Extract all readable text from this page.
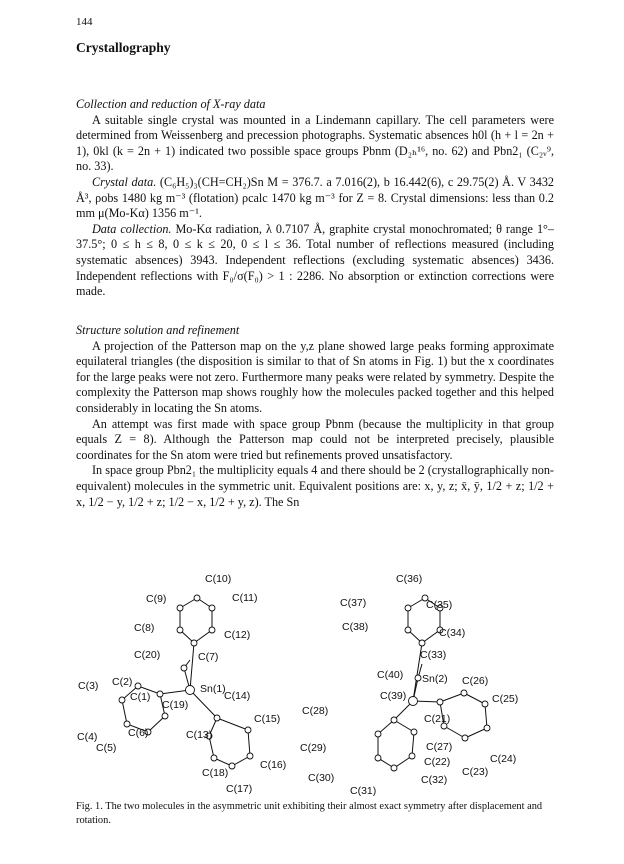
144
Crystallography
Collection and reduction of X-ray data

A suitable single crystal was mounted in a Lindemann capillary. The cell parameters were determined from Weissenberg and precession photographs. Systematic absences h0l (h + l = 2n + 1), 0kl (k = 2n + 1) indicated two possible space groups Pbnm (D₂ₕ¹⁶, no. 62) and Pbn2₁ (C₂ᵥ⁹, no. 33).

Crystal data. (C₆H₅)₃(CH=CH₂)Sn M = 376.7. a 7.016(2), b 16.442(6), c 29.75(2) Å. V 3432 Å³, ρobs 1480 kg m⁻³ (flotation) ρcalc 1470 kg m⁻³ for Z = 8. Crystal dimensions: less than 0.2 mm μ(Mo-Kα) 1356 m⁻¹.

Data collection. Mo-Kα radiation, λ 0.7107 Å, graphite crystal monochromated; θ range 1°–37.5°; 0 ≤ h ≤ 8, 0 ≤ k ≤ 20, 0 ≤ l ≤ 36. Total number of reflections measured (including systematic absences) 3943. Independent reflections (excluding systematic absences) 3436. Independent reflections with F₀/σ(F₀) > 1 : 2286. No absorption or extinction corrections were made.

Structure solution and refinement

A projection of the Patterson map on the y,z plane showed large peaks forming approximate equilateral triangles (the disposition is similar to that of Sn atoms in Fig. 1) but the x coordinates for the large peaks were not zero. Furthermore many peaks were related by symmetry. Despite the complexity the Patterson map shows roughly how the molecules packed together and this helped considerably in locating the Sn atoms.

An attempt was first made with space group Pbnm (because the multiplicity in that group equals Z = 8). Although the Patterson map could not be interpreted precisely, plausible coordinates for the Sn atom were tried but refinements proved unsatisfactory.

In space group Pbn2₁ the multiplicity equals 4 and there should be 2 (crystallographically non-equivalent) molecules in the symmetric unit. Equivalent positions are: x, y, z; x̄, ȳ, 1/2 + z; 1/2 + x, 1/2 − y, 1/2 + z; 1/2 − x, 1/2 + y, z). The Sn

C(10)
C(9)	C(11)
C(8)
C(12)
C(20)	C(7)
C(3) C(2)
C(1)
Sn(1)
C(19)
C(14)
C(15)
C(4)	C(6)
C(5)
C(13)
C(16)
C(18)
C(17)
C(36)
C(37)	C(35)
C(38)	C(34)
C(33)
C(40) Sn(2) C(26)
C(39)	C(25)
C(28)
C(21)
C(29)	C(27)
C(22)	C(24)
C(23)
C(30)	C(32)
C(31)
Fig. 1. The two molecules in the asymmetric unit exhibiting their almost exact symmetry after displacement and rotation.
